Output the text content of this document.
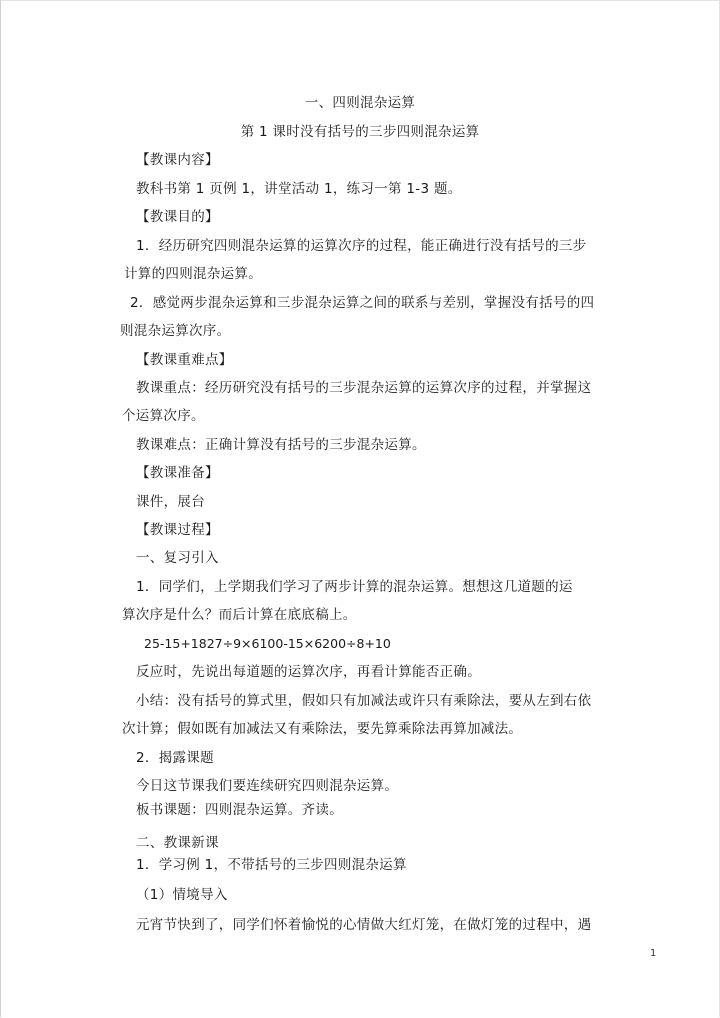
一、四则混杂运算
第 1 课时没有括号的三步四则混杂运算
【教课内容】
教科书第 1 页例 1，讲堂活动 1，练习一第 1-3 题。
【教课目的】
1．经历研究四则混杂运算的运算次序的过程，能正确进行没有括号的三步
计算的四则混杂运算。
2．感觉两步混杂运算和三步混杂运算之间的联系与差别，掌握没有括号的四
则混杂运算次序。
【教课重难点】
教课重点：经历研究没有括号的三步混杂运算的运算次序的过程，并掌握这
个运算次序。
教课难点：正确计算没有括号的三步混杂运算。
【教课准备】
课件，展台
【教课过程】
一、复习引入
1．同学们，上学期我们学习了两步计算的混杂运算。想想这几道题的运
算次序是什么？而后计算在底底稿上。
25-15+1827÷9×6100-15×6200÷8+10
反应时，先说出每道题的运算次序，再看计算能否正确。
小结：没有括号的算式里，假如只有加减法或许只有乘除法，要从左到右依
次计算；假如既有加减法又有乘除法，要先算乘除法再算加减法。
2．揭露课题
今日这节课我们要连续研究四则混杂运算。
板书课题：四则混杂运算。齐读。
二、教课新课
1．学习例 1，不带括号的三步四则混杂运算
（1）情境导入
元宵节快到了，同学们怀着愉悦的心情做大红灯笼，在做灯笼的过程中，遇
1
